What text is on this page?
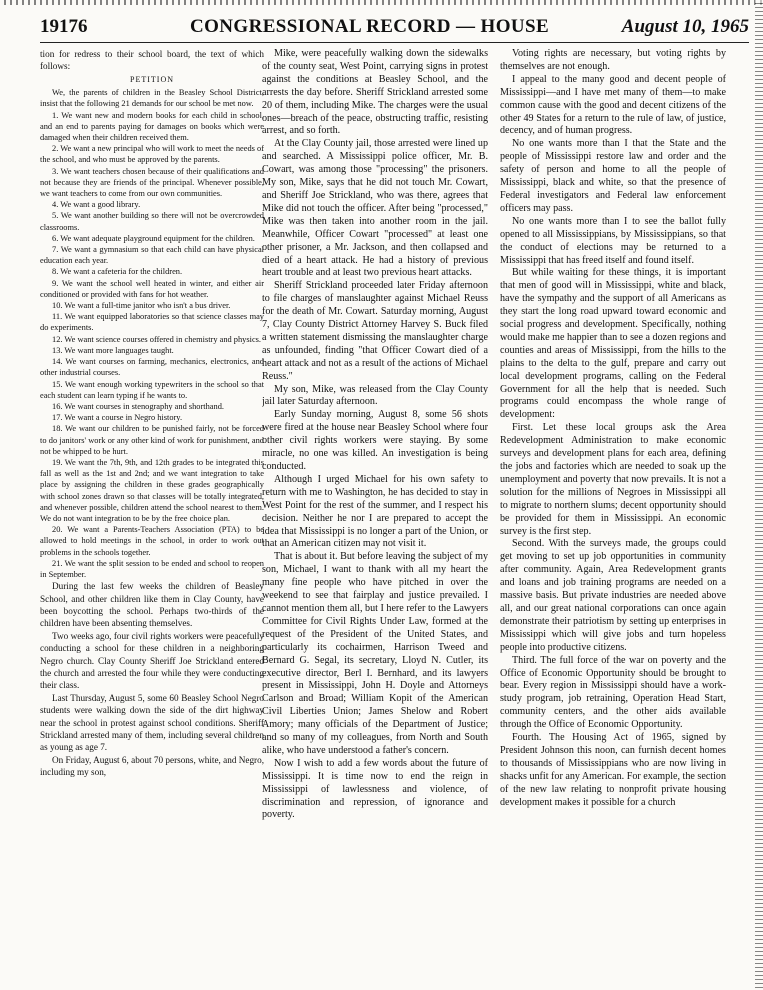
19176	CONGRESSIONAL RECORD — HOUSE	August 10, 1965

tion for redress to their school board, the text of which follows:

PETITION

We, the parents of children in the Beasley School District, insist that the following 21 demands for our school be met now.

1. We want new and modern books for each child in school, and an end to parents paying for damages on books which were damaged when their children received them.

2. We want a new principal who will work to meet the needs of the school, and who must be approved by the parents.

3. We want teachers chosen because of their qualifications and not because they are friends of the principal. Whenever possible, we want teachers to come from our own communities.

4. We want a good library.

5. We want another building so there will not be overcrowded classrooms.

6. We want adequate playground equipment for the children.

7. We want a gymnasium so that each child can have physical education each year.

8. We want a cafeteria for the children.

9. We want the school well heated in winter, and either air conditioned or provided with fans for hot weather.

10. We want a full-time janitor who isn't a bus driver.

11. We want equipped laboratories so that science classes may do experiments.

12. We want science courses offered in chemistry and physics.

13. We want more languages taught.

14. We want courses on farming, mechanics, electronics, and other industrial courses.

15. We want enough working typewriters in the school so that each student can learn typing if he wants to.

16. We want courses in stenography and shorthand.

17. We want a course in Negro history.

18. We want our children to be punished fairly, not be forced to do janitors' work or any other kind of work for punishment, and not be whipped to be hurt.

19. We want the 7th, 9th, and 12th grades to be integrated this fall as well as the 1st and 2nd; and we want integration to take place by assigning the children in these grades geographically with school zones drawn so that classes will be totally integrated, and whenever possible, children attend the school nearest to them. We do not want integration to be by the free choice plan.

20. We want a Parents-Teachers Association (PTA) to be allowed to hold meetings in the school, in order to work out problems in the schools together.

21. We want the split session to be ended and school to reopen in September.

During the last few weeks the children of Beasley School, and other children like them in Clay County, have been boycotting the school. Perhaps two-thirds of the children have been absenting themselves.

Two weeks ago, four civil rights workers were peacefully conducting a school for these children in a neighboring Negro church. Clay County Sheriff Joe Strickland entered the church and arrested the four while they were conducting their class.

Last Thursday, August 5, some 60 Beasley School Negro students were walking down the side of the dirt highway near the school in protest against school conditions. Sheriff Strickland arrested many of them, including several children as young as age 7.

On Friday, August 6, about 70 persons, white, and Negro, including my son,

Mike, were peacefully walking down the sidewalks of the county seat, West Point, carrying signs in protest against the conditions at Beasley School, and the arrests the day before. Sheriff Strickland arrested some 20 of them, including Mike. The charges were the usual ones—breach of the peace, obstructing traffic, resisting arrest, and so forth.

At the Clay County jail, those arrested were lined up and searched. A Mississippi police officer, Mr. B. Cowart, was among those "processing" the prisoners. My son, Mike, says that he did not touch Mr. Cowart, and Sheriff Joe Strickland, who was there, agrees that Mike did not touch the officer. After being "processed," Mike was then taken into another room in the jail. Meanwhile, Officer Cowart "processed" at least one other prisoner, a Mr. Jackson, and then collapsed and died of a heart attack. He had a history of previous heart trouble and at least two previous heart attacks.

Sheriff Strickland proceeded later Friday afternoon to file charges of manslaughter against Michael Reuss for the death of Mr. Cowart. Saturday morning, August 7, Clay County District Attorney Harvey S. Buck filed a written statement dismissing the manslaughter charge as unfounded, finding "that Officer Cowart died of a heart attack and not as a result of the actions of Michael Reuss."

My son, Mike, was released from the Clay County jail later Saturday afternoon.

Early Sunday morning, August 8, some 56 shots were fired at the house near Beasley School where four other civil rights workers were staying. By some miracle, no one was killed. An investigation is being conducted.

Although I urged Michael for his own safety to return with me to Washington, he has decided to stay in West Point for the rest of the summer, and I respect his decision. Neither he nor I are prepared to accept the idea that Mississippi is no longer a part of the Union, or that an American citizen may not visit it.

That is about it. But before leaving the subject of my son, Michael, I want to thank with all my heart the many fine people who have pitched in over the weekend to see that fairplay and justice prevailed. I cannot mention them all, but I here refer to the Lawyers Committee for Civil Rights Under Law, formed at the request of the President of the United States, and particularly its cochairmen, Harrison Tweed and Bernard G. Segal, its secretary, Lloyd N. Cutler, its executive director, Berl I. Bernhard, and its lawyers present in Mississippi, John H. Doyle and Attorneys Carlson and Broad; William Kopit of the American Civil Liberties Union; James Shelow and Robert Amory; many officials of the Department of Justice; and so many of my colleagues, from North and South alike, who have understood a father's concern.

Now I wish to add a few words about the future of Mississippi. It is time now to end the reign in Mississippi of lawlessness and violence, of discrimination and repression, of ignorance and poverty.

Voting rights are necessary, but voting rights by themselves are not enough.

I appeal to the many good and decent people of Mississippi—and I have met many of them—to make common cause with the good and decent citizens of the other 49 States for a return to the rule of law, of justice, decency, and of human progress.

No one wants more than I that the State and the people of Mississippi restore law and order and the safety of person and home to all the people of Mississippi, black and white, so that the presence of Federal investigators and Federal law enforcement officers may pass.

No one wants more than I to see the ballot fully opened to all Mississippians, by Mississippians, so that the conduct of elections may be returned to a Mississippi that has freed itself and found itself.

But while waiting for these things, it is important that men of good will in Mississippi, white and black, have the sympathy and the support of all Americans as they start the long road upward toward economic and social progress and development. Specifically, nothing would make me happier than to see a dozen regions and counties and areas of Mississippi, from the hills to the plains to the delta to the gulf, prepare and carry out local development programs, calling on the Federal Government for all the help that is needed. Such programs could encompass the whole range of development:

First. Let these local groups ask the Area Redevelopment Administration to make economic surveys and development plans for each area, defining the jobs and factories which are needed to soak up the unemployment and poverty that now prevails. It is not a solution for the millions of Negroes in Mississippi all to migrate to northern slums; decent opportunity should be provided for them in Mississippi. An economic survey is the first step.

Second. With the surveys made, the groups could get moving to set up job opportunities in community after community. Again, Area Redevelopment grants and loans and job training programs are needed on a massive basis. But private industries are needed above all, and our great national corporations can once again demonstrate their patriotism by setting up enterprises in Mississippi which will give jobs and turn hopeless people into productive citizens.

Third. The full force of the war on poverty and the Office of Economic Opportunity should be brought to bear. Every region in Mississippi should have a work-study program, job retraining, Operation Head Start, community centers, and the other aids available through the Office of Economic Opportunity.

Fourth. The Housing Act of 1965, signed by President Johnson this noon, can furnish decent homes to thousands of Mississippians who are now living in shacks unfit for any American. For example, the section of the new law relating to nonprofit private housing development makes it possible for a church
